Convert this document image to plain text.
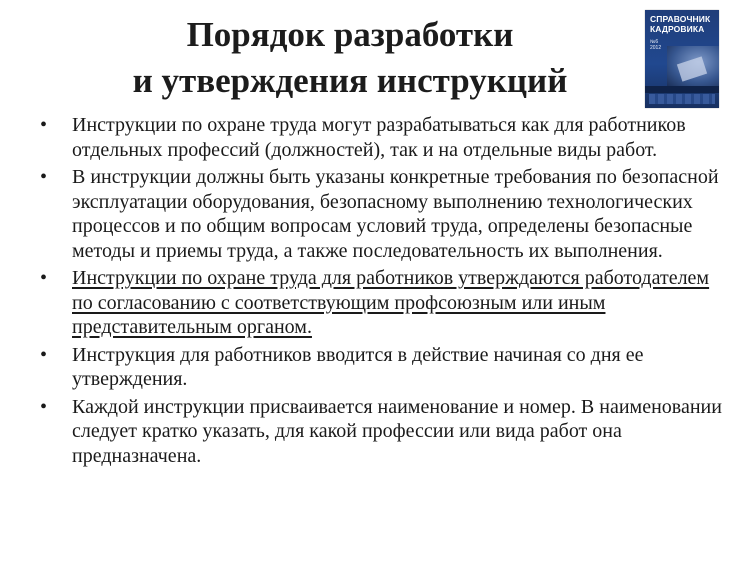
Порядок разработки
и утверждения инструкций
СПРАВОЧНИК КАДРОВИКА
№6 2012
•	Инструкции по охране труда могут разрабатываться как для работников отдельных профессий (должностей), так и на отдельные виды работ.
•	В инструкции должны быть указаны конкретные требования по безопасной эксплуатации оборудования, безопасному выполнению технологических процессов и по общим вопросам условий труда, определены безопасные методы и приемы труда, а также последовательность их выполнения.
•	Инструкции по охране труда для работников утверждаются работодателем по согласованию с соответствующим профсоюзным или иным представительным органом.
•	Инструкция для работников вводится в действие начиная со дня ее утверждения.
•	Каждой инструкции присваивается наименование и номер. В наименовании следует кратко указать, для какой профессии или вида работ она предназначена.
